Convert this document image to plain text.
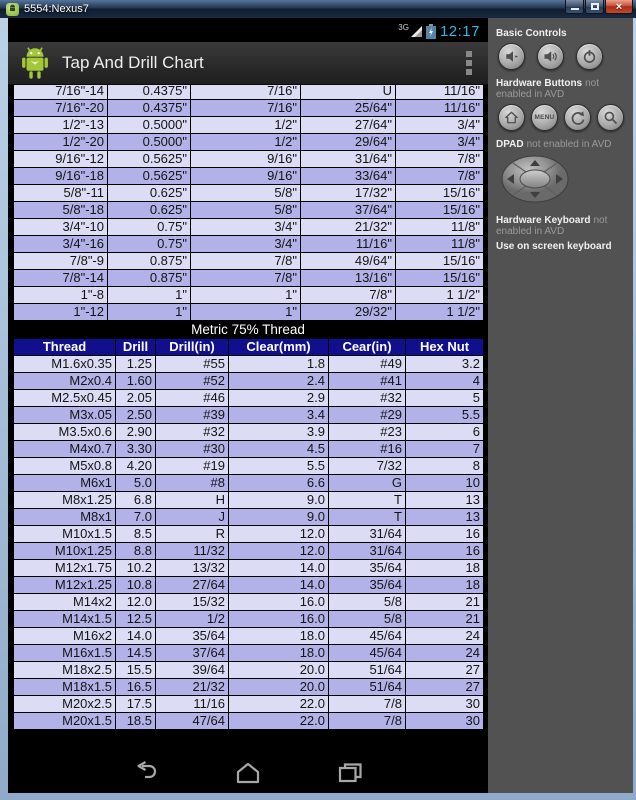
5554:Nexus7	×
3G 12:17
Tap And Drill Chart
7/16"-14	0.4375"	7/16"	U	11/16"
7/16"-20	0.4375"	7/16"	25/64"	11/16"
1/2"-13	0.5000"	1/2"	27/64"	3/4"
1/2"-20	0.5000"	1/2"	29/64"	3/4"
9/16"-12	0.5625"	9/16"	31/64"	7/8"
9/16"-18	0.5625"	9/16"	33/64"	7/8"
5/8"-11	0.625"	5/8"	17/32"	15/16"
5/8"-18	0.625"	5/8"	37/64"	15/16"
3/4"-10	0.75"	3/4"	21/32"	11/8"
3/4"-16	0.75"	3/4"	11/16"	11/8"
7/8"-9	0.875"	7/8"	49/64"	15/16"
7/8"-14	0.875"	7/8"	13/16"	15/16"
1"-8	1"	1"	7/8"	1 1/2"
1"-12	1"	1"	29/32"	1 1/2"
Metric 75% Thread
Thread	Drill	Drill(in)	Clear(mm)	Cear(in)	Hex Nut
M1.6x0.35	1.25	#55	1.8	#49	3.2
M2x0.4	1.60	#52	2.4	#41	4
M2.5x0.45	2.05	#46	2.9	#32	5
M3x.05	2.50	#39	3.4	#29	5.5
M3.5x0.6	2.90	#32	3.9	#23	6
M4x0.7	3.30	#30	4.5	#16	7
M5x0.8	4.20	#19	5.5	7/32	8
M6x1	5.0	#8	6.6	G	10
M8x1.25	6.8	H	9.0	T	13
M8x1	7.0	J	9.0	T	13
M10x1.5	8.5	R	12.0	31/64	16
M10x1.25	8.8	11/32	12.0	31/64	16
M12x1.75	10.2	13/32	14.0	35/64	18
M12x1.25	10.8	27/64	14.0	35/64	18
M14x2	12.0	15/32	16.0	5/8	21
M14x1.5	12.5	1/2	16.0	5/8	21
M16x2	14.0	35/64	18.0	45/64	24
M16x1.5	14.5	37/64	18.0	45/64	24
M18x2.5	15.5	39/64	20.0	51/64	27
M18x1.5	16.5	21/32	20.0	51/64	27
M20x2.5	17.5	11/16	22.0	7/8	30
M20x1.5	18.5	47/64	22.0	7/8	30
Basic Controls
Hardware Buttons not enabled in AVD
MENU
DPAD not enabled in AVD
Hardware Keyboard not enabled in AVD
Use on screen keyboard
